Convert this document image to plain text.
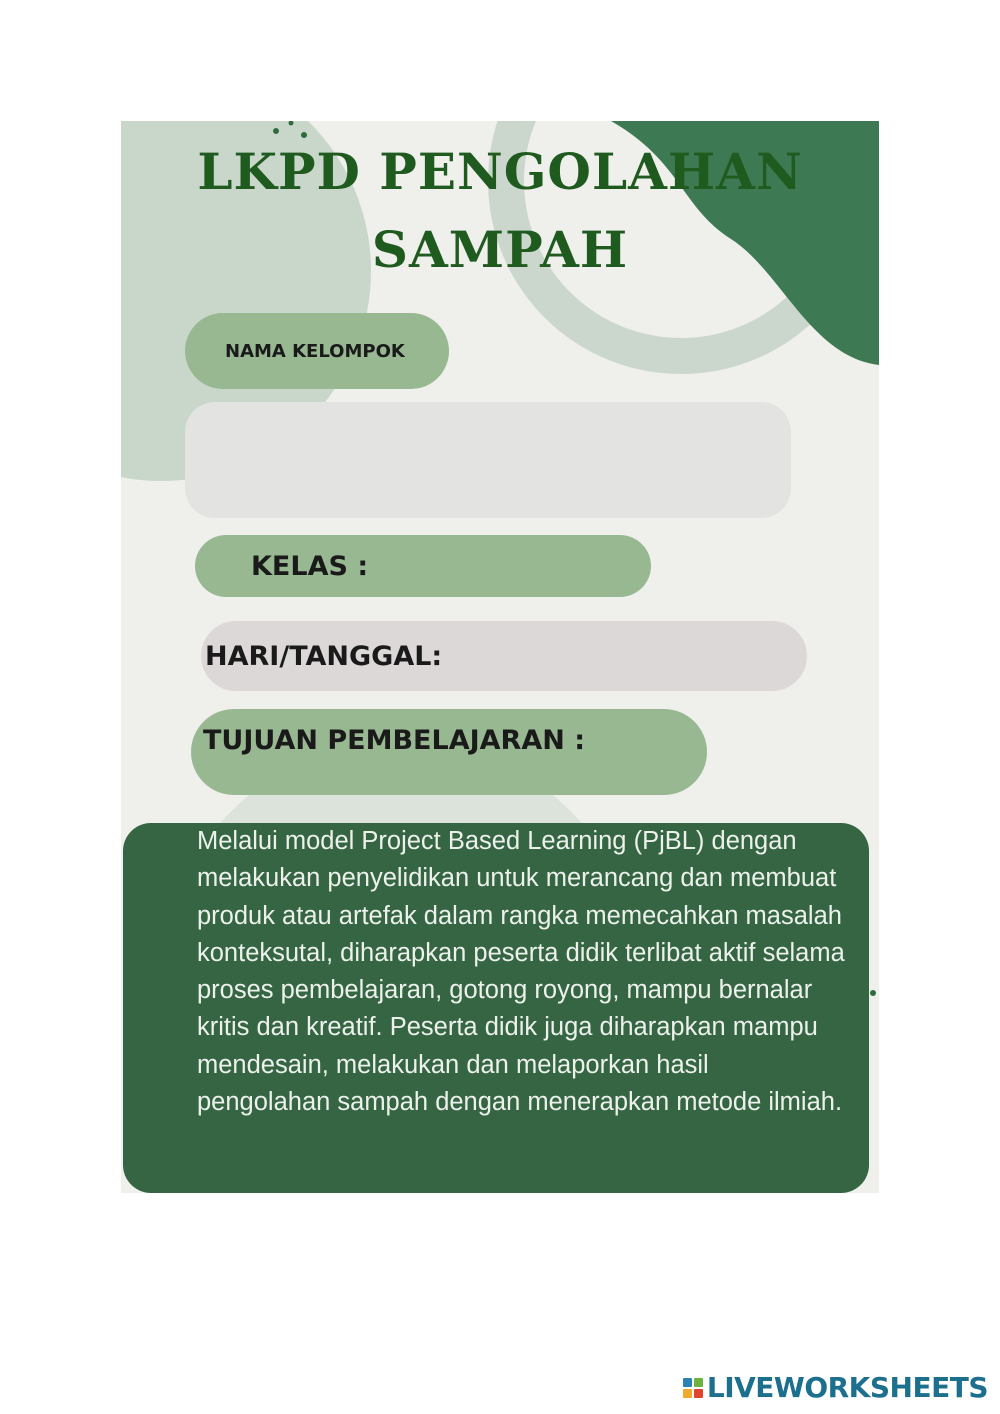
LKPD PENGOLAHAN
SAMPAH
NAMA KELOMPOK
KELAS :
HARI/TANGGAL:
TUJUAN PEMBELAJARAN :

Melalui model Project Based Learning (PjBL) dengan melakukan penyelidikan untuk merancang dan membuat produk atau artefak dalam rangka memecahkan masalah konteksutal, diharapkan peserta didik terlibat aktif selama proses pembelajaran, gotong royong, mampu bernalar kritis dan kreatif. Peserta didik juga diharapkan mampu mendesain, melakukan dan melaporkan hasil pengolahan sampah dengan menerapkan metode ilmiah.

LIVEWORKSHEETS
